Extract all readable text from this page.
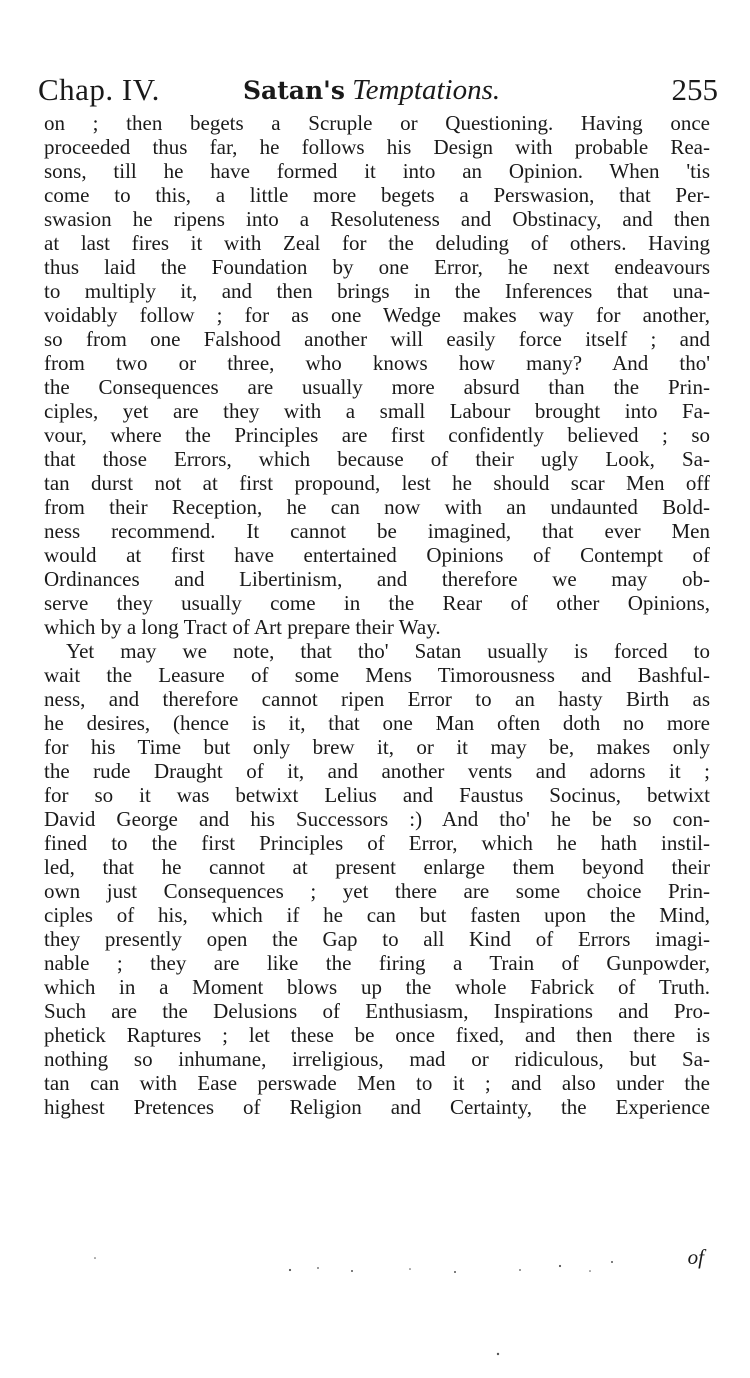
Chap. IV.	Satan's Temptations.	255
on ; then begets a Scruple or Questioning. Having once
proceeded thus far, he follows his Design with probable Rea-
sons, till he have formed it into an Opinion. When 'tis
come to this, a little more begets a Perswasion, that Per-
swasion he ripens into a Resoluteness and Obstinacy, and then
at last fires it with Zeal for the deluding of others. Having
thus laid the Foundation by one Error, he next endeavours
to multiply it, and then brings in the Inferences that una-
voidably follow ; for as one Wedge makes way for another,
so from one Falshood another will easily force itself ; and
from two or three, who knows how many? And tho'
the Consequences are usually more absurd than the Prin-
ciples, yet are they with a small Labour brought into Fa-
vour, where the Principles are first confidently believed ; so
that those Errors, which because of their ugly Look, Sa-
tan durst not at first propound, lest he should scar Men off
from their Reception, he can now with an undaunted Bold-
ness recommend. It cannot be imagined, that ever Men
would at first have entertained Opinions of Contempt of
Ordinances and Libertinism, and therefore we may ob-
serve they usually come in the Rear of other Opinions,
which by a long Tract of Art prepare their Way.
Yet may we note, that tho' Satan usually is forced to
wait the Leasure of some Mens Timorousness and Bashful-
ness, and therefore cannot ripen Error to an hasty Birth as
he desires, (hence is it, that one Man often doth no more
for his Time but only brew it, or it may be, makes only
the rude Draught of it, and another vents and adorns it ;
for so it was betwixt Lelius and Faustus Socinus, betwixt
David George and his Successors :) And tho' he be so con-
fined to the first Principles of Error, which he hath instil-
led, that he cannot at present enlarge them beyond their
own just Consequences ; yet there are some choice Prin-
ciples of his, which if he can but fasten upon the Mind,
they presently open the Gap to all Kind of Errors imagi-
nable ; they are like the firing a Train of Gunpowder,
which in a Moment blows up the whole Fabrick of Truth.
Such are the Delusions of Enthusiasm, Inspirations and Pro-
phetick Raptures ; let these be once fixed, and then there is
nothing so inhumane, irreligious, mad or ridiculous, but Sa-
tan can with Ease perswade Men to it ; and also under the
highest Pretences of Religion and Certainty, the Experience
of
